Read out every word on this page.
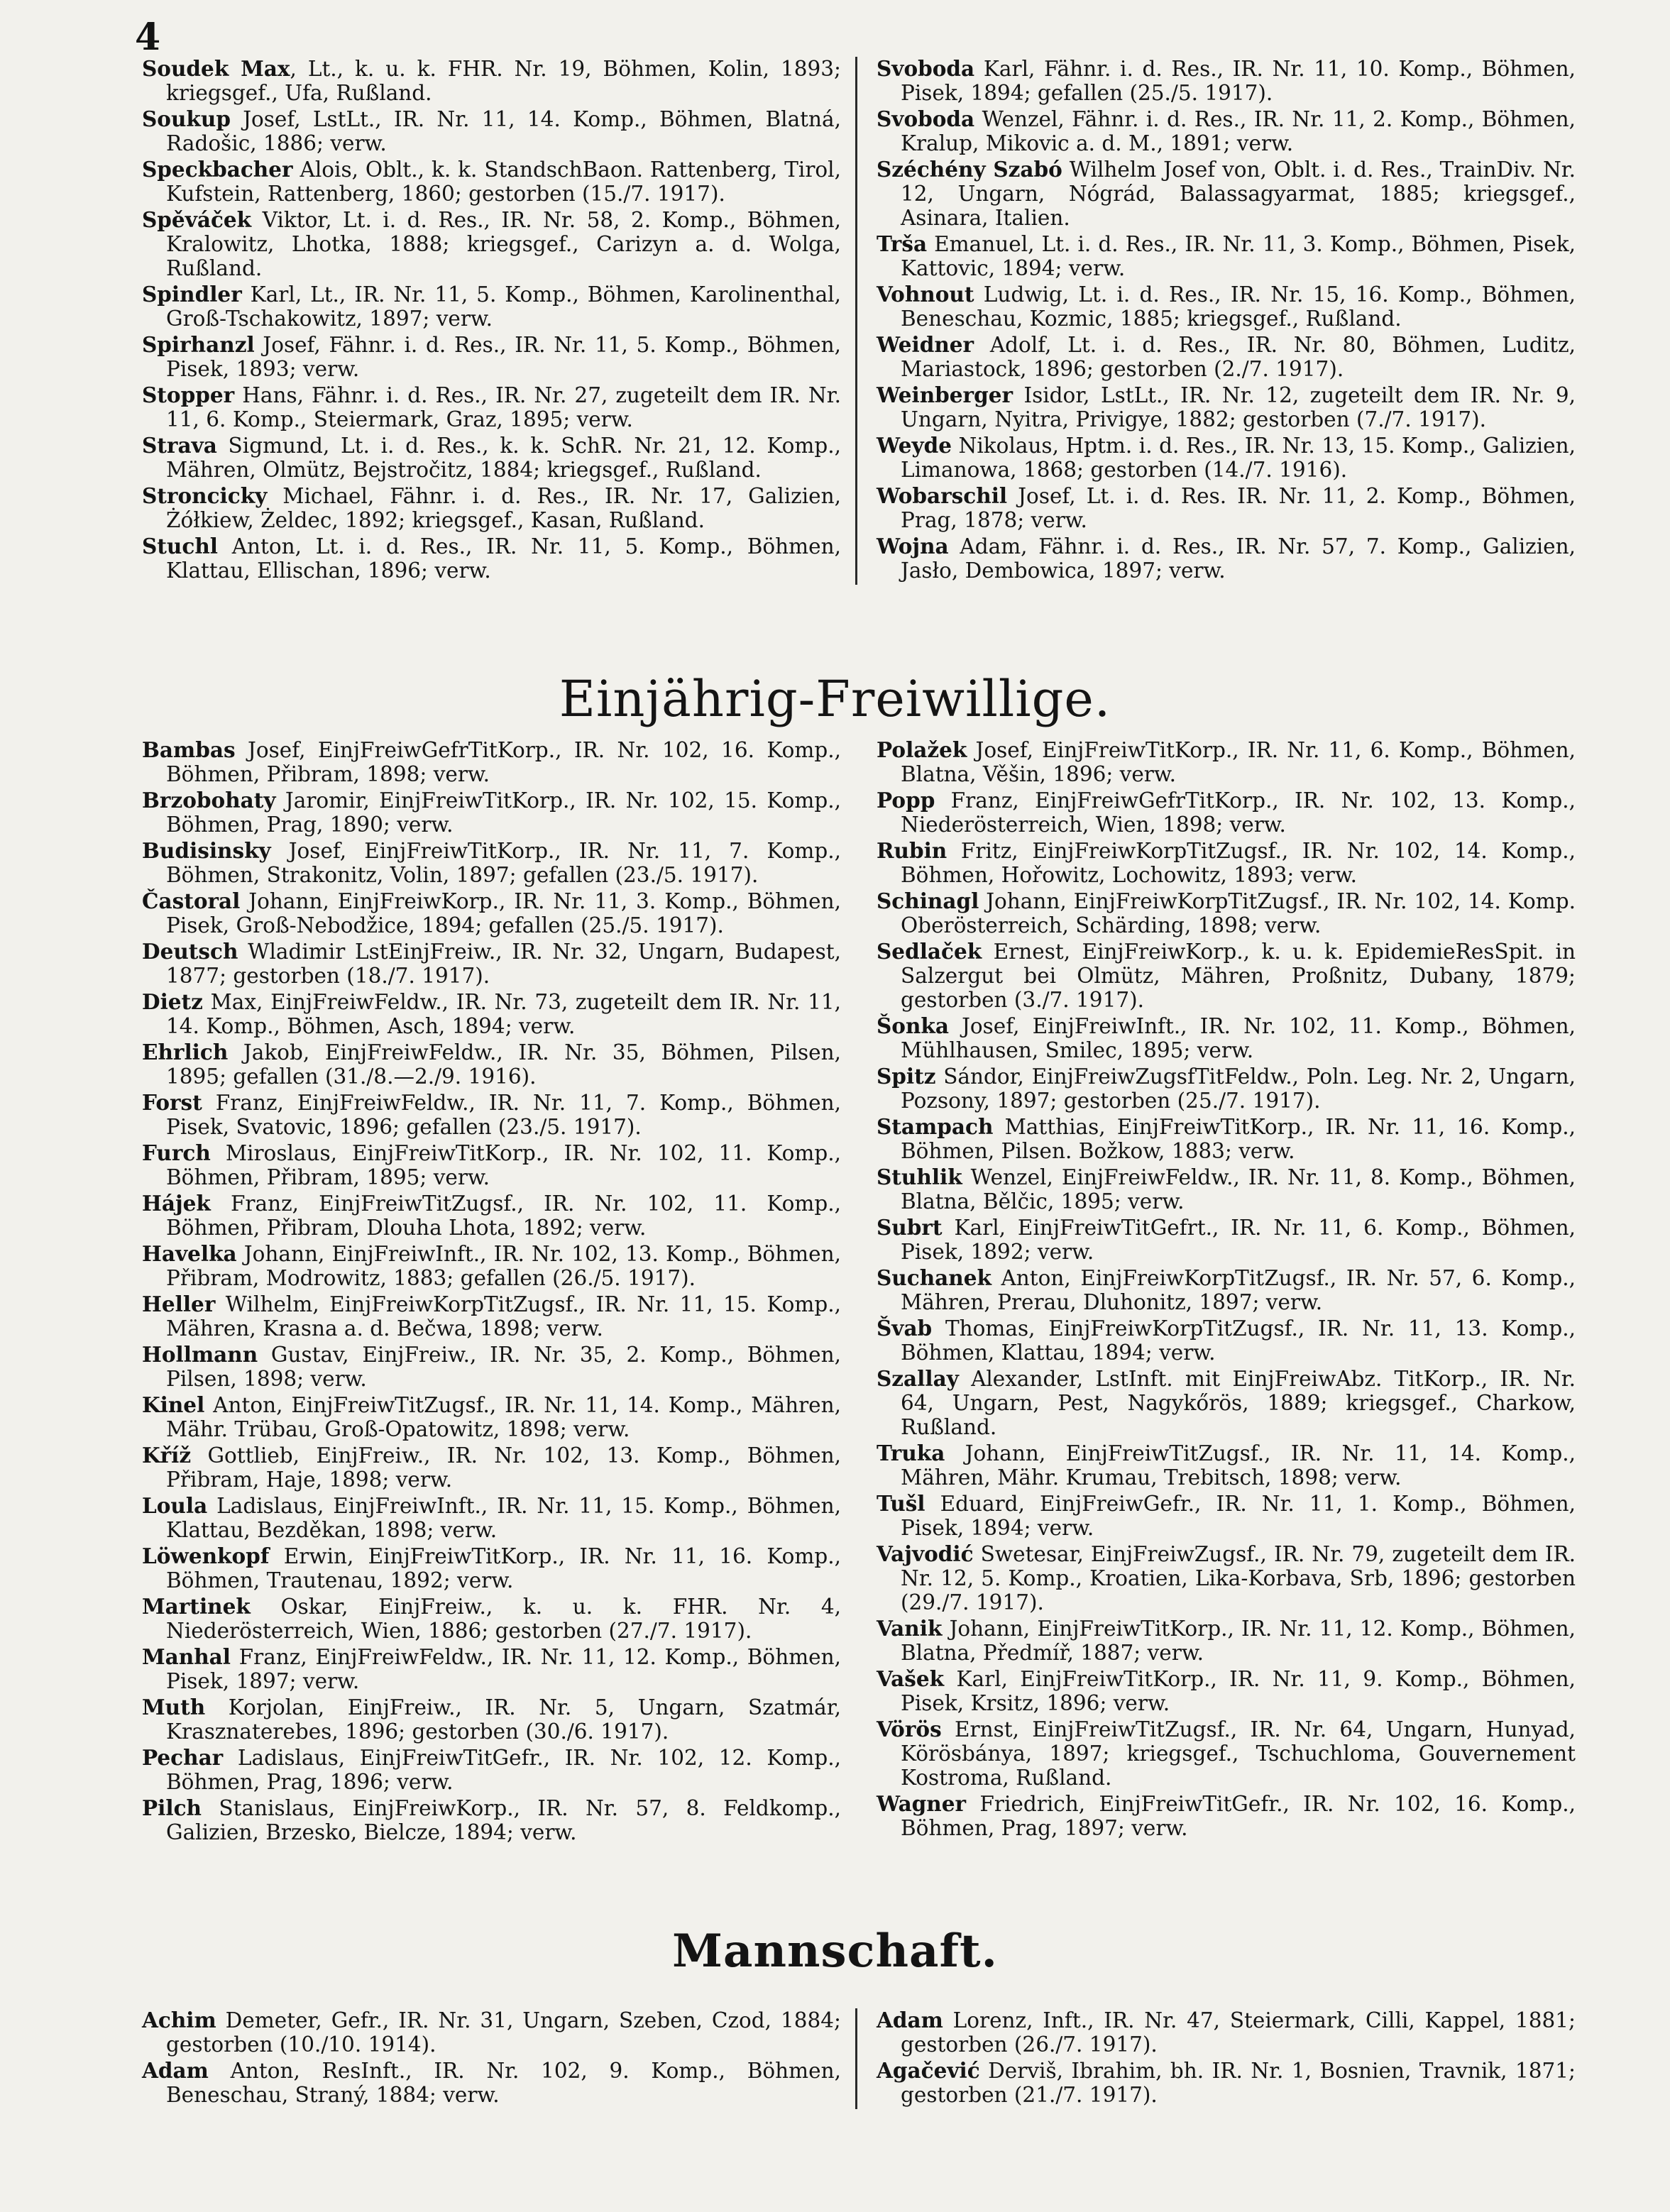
4

Soudek Max, Lt., k. u. k. FHR. Nr. 19, Böhmen, Kolin, 1893; kriegsgef., Ufa, Rußland.

Soukup Josef, LstLt., IR. Nr. 11, 14. Komp., Böhmen, Blatná, Radošic, 1886; verw.

Speckbacher Alois, Oblt., k. k. StandschBaon. Rattenberg, Tirol, Kufstein, Rattenberg, 1860; gestorben (15./7. 1917).

Spěváček Viktor, Lt. i. d. Res., IR. Nr. 58, 2. Komp., Böhmen, Kralowitz, Lhotka, 1888; kriegsgef., Carizyn a. d. Wolga, Rußland.

Spindler Karl, Lt., IR. Nr. 11, 5. Komp., Böhmen, Karolinenthal, Groß-Tschakowitz, 1897; verw.

Spirhanzl Josef, Fähnr. i. d. Res., IR. Nr. 11, 5. Komp., Böhmen, Pisek, 1893; verw.

Stopper Hans, Fähnr. i. d. Res., IR. Nr. 27, zugeteilt dem IR. Nr. 11, 6. Komp., Steiermark, Graz, 1895; verw.

Strava Sigmund, Lt. i. d. Res., k. k. SchR. Nr. 21, 12. Komp., Mähren, Olmütz, Bejstročitz, 1884; kriegsgef., Rußland.

Stroncicky Michael, Fähnr. i. d. Res., IR. Nr. 17, Galizien, Żółkiew, Żeldec, 1892; kriegsgef., Kasan, Rußland.

Stuchl Anton, Lt. i. d. Res., IR. Nr. 11, 5. Komp., Böhmen, Klattau, Ellischan, 1896; verw.

Svoboda Karl, Fähnr. i. d. Res., IR. Nr. 11, 10. Komp., Böhmen, Pisek, 1894; gefallen (25./5. 1917).

Svoboda Wenzel, Fähnr. i. d. Res., IR. Nr. 11, 2. Komp., Böhmen, Kralup, Mikovic a. d. M., 1891; verw.

Széchény Szabó Wilhelm Josef von, Oblt. i. d. Res., TrainDiv. Nr. 12, Ungarn, Nógrád, Balassagyarmat, 1885; kriegsgef., Asinara, Italien.

Trša Emanuel, Lt. i. d. Res., IR. Nr. 11, 3. Komp., Böhmen, Pisek, Kattovic, 1894; verw.

Vohnout Ludwig, Lt. i. d. Res., IR. Nr. 15, 16. Komp., Böhmen, Beneschau, Kozmic, 1885; kriegsgef., Rußland.

Weidner Adolf, Lt. i. d. Res., IR. Nr. 80, Böhmen, Luditz, Mariastock, 1896; gestorben (2./7. 1917).

Weinberger Isidor, LstLt., IR. Nr. 12, zugeteilt dem IR. Nr. 9, Ungarn, Nyitra, Privigye, 1882; gestorben (7./7. 1917).

Weyde Nikolaus, Hptm. i. d. Res., IR. Nr. 13, 15. Komp., Galizien, Limanowa, 1868; gestorben (14./7. 1916).

Wobarschil Josef, Lt. i. d. Res. IR. Nr. 11, 2. Komp., Böhmen, Prag, 1878; verw.

Wojna Adam, Fähnr. i. d. Res., IR. Nr. 57, 7. Komp., Galizien, Jasło, Dembowica, 1897; verw.

Einjährig-Freiwillige.

Bambas Josef, EinjFreiwGefrTitKorp., IR. Nr. 102, 16. Komp., Böhmen, Přibram, 1898; verw.

Brzobohaty Jaromir, EinjFreiwTitKorp., IR. Nr. 102, 15. Komp., Böhmen, Prag, 1890; verw.

Budisinsky Josef, EinjFreiwTitKorp., IR. Nr. 11, 7. Komp., Böhmen, Strakonitz, Volin, 1897; gefallen (23./5. 1917).

Častoral Johann, EinjFreiwKorp., IR. Nr. 11, 3. Komp., Böhmen, Pisek, Groß-Nebodžice, 1894; gefallen (25./5. 1917).

Deutsch Wladimir LstEinjFreiw., IR. Nr. 32, Ungarn, Budapest, 1877; gestorben (18./7. 1917).

Dietz Max, EinjFreiwFeldw., IR. Nr. 73, zugeteilt dem IR. Nr. 11, 14. Komp., Böhmen, Asch, 1894; verw.

Ehrlich Jakob, EinjFreiwFeldw., IR. Nr. 35, Böhmen, Pilsen, 1895; gefallen (31./8.—2./9. 1916).

Forst Franz, EinjFreiwFeldw., IR. Nr. 11, 7. Komp., Böhmen, Pisek, Svatovic, 1896; gefallen (23./5. 1917).

Furch Miroslaus, EinjFreiwTitKorp., IR. Nr. 102, 11. Komp., Böhmen, Přibram, 1895; verw.

Hájek Franz, EinjFreiwTitZugsf., IR. Nr. 102, 11. Komp., Böhmen, Přibram, Dlouha Lhota, 1892; verw.

Havelka Johann, EinjFreiwInft., IR. Nr. 102, 13. Komp., Böhmen, Přibram, Modrowitz, 1883; gefallen (26./5. 1917).

Heller Wilhelm, EinjFreiwKorpTitZugsf., IR. Nr. 11, 15. Komp., Mähren, Krasna a. d. Bečwa, 1898; verw.

Hollmann Gustav, EinjFreiw., IR. Nr. 35, 2. Komp., Böhmen, Pilsen, 1898; verw.

Kinel Anton, EinjFreiwTitZugsf., IR. Nr. 11, 14. Komp., Mähren, Mähr. Trübau, Groß-Opatowitz, 1898; verw.

Kříž Gottlieb, EinjFreiw., IR. Nr. 102, 13. Komp., Böhmen, Přibram, Haje, 1898; verw.

Loula Ladislaus, EinjFreiwInft., IR. Nr. 11, 15. Komp., Böhmen, Klattau, Bezděkan, 1898; verw.

Löwenkopf Erwin, EinjFreiwTitKorp., IR. Nr. 11, 16. Komp., Böhmen, Trautenau, 1892; verw.

Martinek Oskar, EinjFreiw., k. u. k. FHR. Nr. 4, Niederösterreich, Wien, 1886; gestorben (27./7. 1917).

Manhal Franz, EinjFreiwFeldw., IR. Nr. 11, 12. Komp., Böhmen, Pisek, 1897; verw.

Muth Korjolan, EinjFreiw., IR. Nr. 5, Ungarn, Szatmár, Krasznaterebes, 1896; gestorben (30./6. 1917).

Pechar Ladislaus, EinjFreiwTitGefr., IR. Nr. 102, 12. Komp., Böhmen, Prag, 1896; verw.

Pilch Stanislaus, EinjFreiwKorp., IR. Nr. 57, 8. Feldkomp., Galizien, Brzesko, Bielcze, 1894; verw.

Polažek Josef, EinjFreiwTitKorp., IR. Nr. 11, 6. Komp., Böhmen, Blatna, Věšin, 1896; verw.

Popp Franz, EinjFreiwGefrTitKorp., IR. Nr. 102, 13. Komp., Niederösterreich, Wien, 1898; verw.

Rubin Fritz, EinjFreiwKorpTitZugsf., IR. Nr. 102, 14. Komp., Böhmen, Hořowitz, Lochowitz, 1893; verw.

Schinagl Johann, EinjFreiwKorpTitZugsf., IR. Nr. 102, 14. Komp. Oberösterreich, Schärding, 1898; verw.

Sedlaček Ernest, EinjFreiwKorp., k. u. k. EpidemieResSpit. in Salzergut bei Olmütz, Mähren, Proßnitz, Dubany, 1879; gestorben (3./7. 1917).

Šonka Josef, EinjFreiwInft., IR. Nr. 102, 11. Komp., Böhmen, Mühlhausen, Smilec, 1895; verw.

Spitz Sándor, EinjFreiwZugsfTitFeldw., Poln. Leg. Nr. 2, Ungarn, Pozsony, 1897; gestorben (25./7. 1917).

Stampach Matthias, EinjFreiwTitKorp., IR. Nr. 11, 16. Komp., Böhmen, Pilsen. Božkow, 1883; verw.

Stuhlik Wenzel, EinjFreiwFeldw., IR. Nr. 11, 8. Komp., Böhmen, Blatna, Bělčic, 1895; verw.

Subrt Karl, EinjFreiwTitGefrt., IR. Nr. 11, 6. Komp., Böhmen, Pisek, 1892; verw.

Suchanek Anton, EinjFreiwKorpTitZugsf., IR. Nr. 57, 6. Komp., Mähren, Prerau, Dluhonitz, 1897; verw.

Švab Thomas, EinjFreiwKorpTitZugsf., IR. Nr. 11, 13. Komp., Böhmen, Klattau, 1894; verw.

Szallay Alexander, LstInft. mit EinjFreiwAbz. TitKorp., IR. Nr. 64, Ungarn, Pest, Nagykőrös, 1889; kriegsgef., Charkow, Rußland.

Truka Johann, EinjFreiwTitZugsf., IR. Nr. 11, 14. Komp., Mähren, Mähr. Krumau, Trebitsch, 1898; verw.

Tušl Eduard, EinjFreiwGefr., IR. Nr. 11, 1. Komp., Böhmen, Pisek, 1894; verw.

Vajvodić Swetesar, EinjFreiwZugsf., IR. Nr. 79, zugeteilt dem IR. Nr. 12, 5. Komp., Kroatien, Lika-Korbava, Srb, 1896; gestorben (29./7. 1917).

Vanik Johann, EinjFreiwTitKorp., IR. Nr. 11, 12. Komp., Böhmen, Blatna, Předmíř, 1887; verw.

Vašek Karl, EinjFreiwTitKorp., IR. Nr. 11, 9. Komp., Böhmen, Pisek, Krsitz, 1896; verw.

Vörös Ernst, EinjFreiwTitZugsf., IR. Nr. 64, Ungarn, Hunyad, Körösbánya, 1897; kriegsgef., Tschuchloma, Gouvernement Kostroma, Rußland.

Wagner Friedrich, EinjFreiwTitGefr., IR. Nr. 102, 16. Komp., Böhmen, Prag, 1897; verw.

Mannschaft.

Achim Demeter, Gefr., IR. Nr. 31, Ungarn, Szeben, Czod, 1884; gestorben (10./10. 1914).

Adam Anton, ResInft., IR. Nr. 102, 9. Komp., Böhmen, Beneschau, Straný, 1884; verw.

Adam Lorenz, Inft., IR. Nr. 47, Steiermark, Cilli, Kappel, 1881; gestorben (26./7. 1917).

Agačević Derviš, Ibrahim, bh. IR. Nr. 1, Bosnien, Travnik, 1871; gestorben (21./7. 1917).
